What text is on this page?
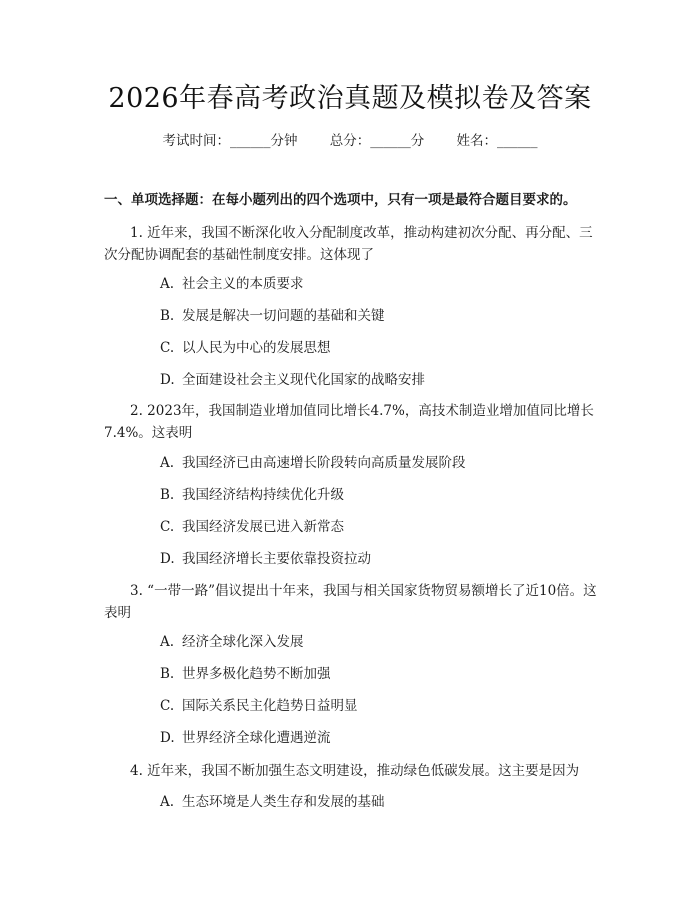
2026年春高考政治真题及模拟卷及答案
考试时间：______分钟 总分：______分 姓名：______
一、单项选择题：在每小题列出的四个选项中，只有一项是最符合题目要求的。
1. 近年来，我国不断深化收入分配制度改革，推动构建初次分配、再分配、三次分配协调配套的基础性制度安排。这体现了
A. 社会主义的本质要求
B. 发展是解决一切问题的基础和关键
C. 以人民为中心的发展思想
D. 全面建设社会主义现代化国家的战略安排
2. 2023年，我国制造业增加值同比增长4.7%，高技术制造业增加值同比增长7.4%。这表明
A. 我国经济已由高速增长阶段转向高质量发展阶段
B. 我国经济结构持续优化升级
C. 我国经济发展已进入新常态
D. 我国经济增长主要依靠投资拉动
3. “一带一路”倡议提出十年来，我国与相关国家货物贸易额增长了近10倍。这表明
A. 经济全球化深入发展
B. 世界多极化趋势不断加强
C. 国际关系民主化趋势日益明显
D. 世界经济全球化遭遇逆流
4. 近年来，我国不断加强生态文明建设，推动绿色低碳发展。这主要是因为
A. 生态环境是人类生存和发展的基础
